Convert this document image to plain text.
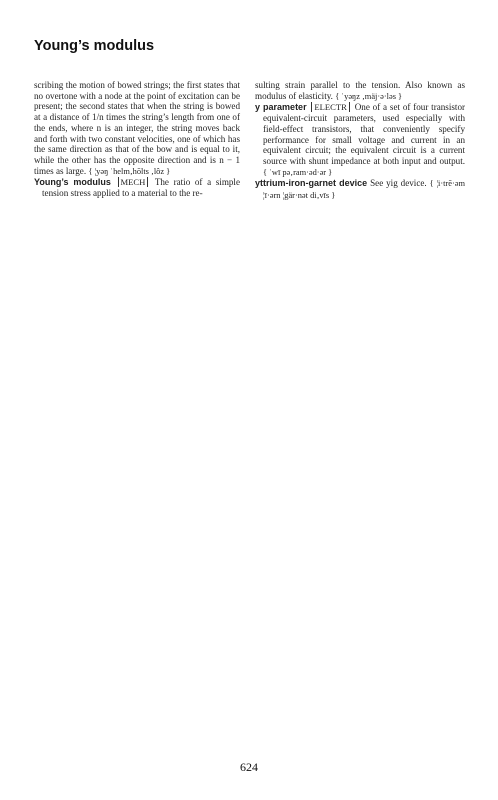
Young’s modulus

scribing the motion of bowed strings; the first states that no overtone with a node at the point of excitation can be present; the second states that when the string is bowed at a distance of 1/n times the string’s length from one of the ends, where n is an integer, the string moves back and forth with two constant velocities, one of which has the same direction as that of the bow and is equal to it, while the other has the opposite direction and is n − 1 times as large. { ¦yəŋ ˈhelm‚hōlts ‚lôz }

Young’s modulus MECH The ratio of a simple tension stress applied to a material to the re-

sulting strain parallel to the tension. Also known as modulus of elasticity. { ˈyəŋz ‚mäj·ə·ləs }

y parameter ELECTR One of a set of four transistor equivalent-circuit parameters, used especially with field-effect transistors, that conveniently specify performance for small voltage and current in an equivalent circuit; the equivalent circuit is a current source with shunt impedance at both input and output. { ˈwī pə‚ram·əd·ər }

yttrium-iron-garnet device See yig device. { ¦i·trē·əm ¦ī·ərn ¦gär·nət di‚vīs }

624
